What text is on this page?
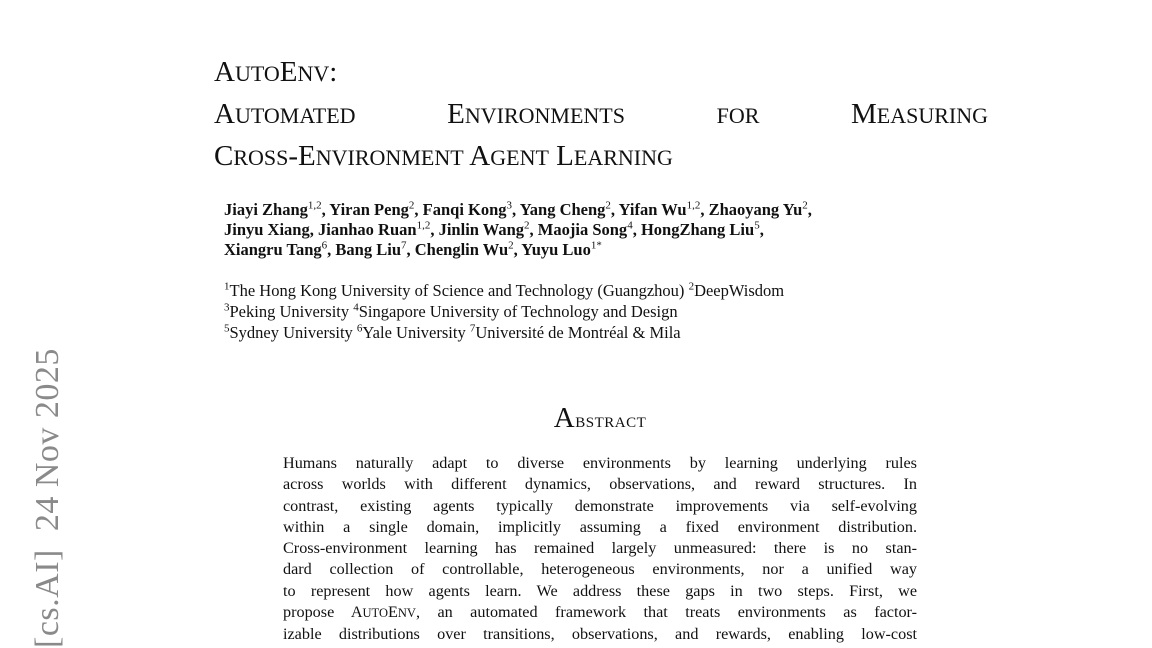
[cs.AI]24 Nov 2025
AUTOENV:
AUTOMATED	ENVIRONMENTS	FOR	MEASURING
CROSS-ENVIRONMENT AGENT LEARNING
Jiayi Zhang$^{1,2}$, Yiran Peng$^2$, Fanqi Kong$^3$, Yang Cheng$^2$, Yifan Wu$^{1,2}$, Zhaoyang Yu$^2$,
Jinyu Xiang, Jianhao Ruan$^{1,2}$, Jinlin Wang$^2$, Maojia Song$^4$, HongZhang Liu$^5$,
Xiangru Tang$^6$, Bang Liu$^7$, Chenglin Wu$^2$, Yuyu Luo$^{1*}$
$^1$The Hong Kong University of Science and Technology (Guangzhou) $^2$DeepWisdom
$^3$Peking University $^4$Singapore University of Technology and Design
$^5$Sydney University $^6$Yale University $^7$Université de Montréal & Mila
ABSTRACT
Humans naturally adapt to diverse environments by learning underlying rules
across worlds with different dynamics, observations, and reward structures. In
contrast, existing agents typically demonstrate improvements via self-evolving
within a single domain, implicitly assuming a fixed environment distribution.
Cross-environment learning has remained largely unmeasured: there is no stan-
dard collection of controllable, heterogeneous environments, nor a unified way
to represent how agents learn. We address these gaps in two steps. First, we
propose AUTOENV, an automated framework that treats environments as factor-
izable distributions over transitions, observations, and rewards, enabling low-cost
